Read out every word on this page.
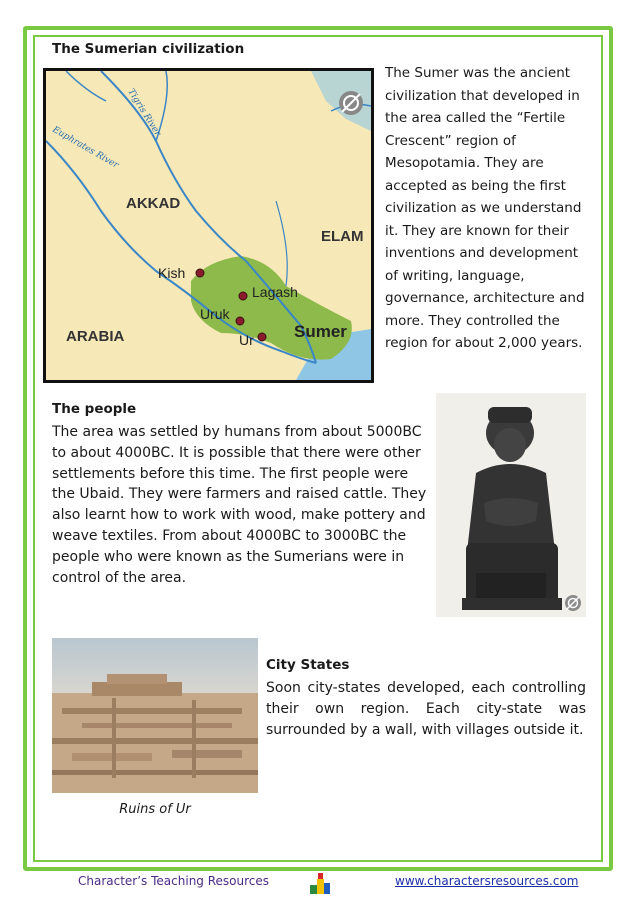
The Sumerian civilization
Tigris River
Euphrates River
AKKAD
ELAM
ARABIA
Kish
Lagash
Uruk
Ur Sumer
The Sumer was the ancient civilization that developed in the area called the “Fertile Crescent” region of Mesopotamia. They are accepted as being the first civilization as we understand it. They are known for their inventions and development of writing, language, governance, architecture and more. They controlled the region for about 2,000 years.
The people
The area was settled by humans from about 5000BC to about 4000BC. It is possible that there were other settlements before this time. The first people were the Ubaid. They were farmers and raised cattle. They also learnt how to work with wood, make pottery and weave textiles. From about 4000BC to 3000BC the people who were known as the Sumerians were in control of the area.
Ruins of Ur
City States
Soon city-states developed, each controlling their own region. Each city-state was surrounded by a wall, with villages outside it.
Character’s Teaching Resources	www.charactersresources.com
